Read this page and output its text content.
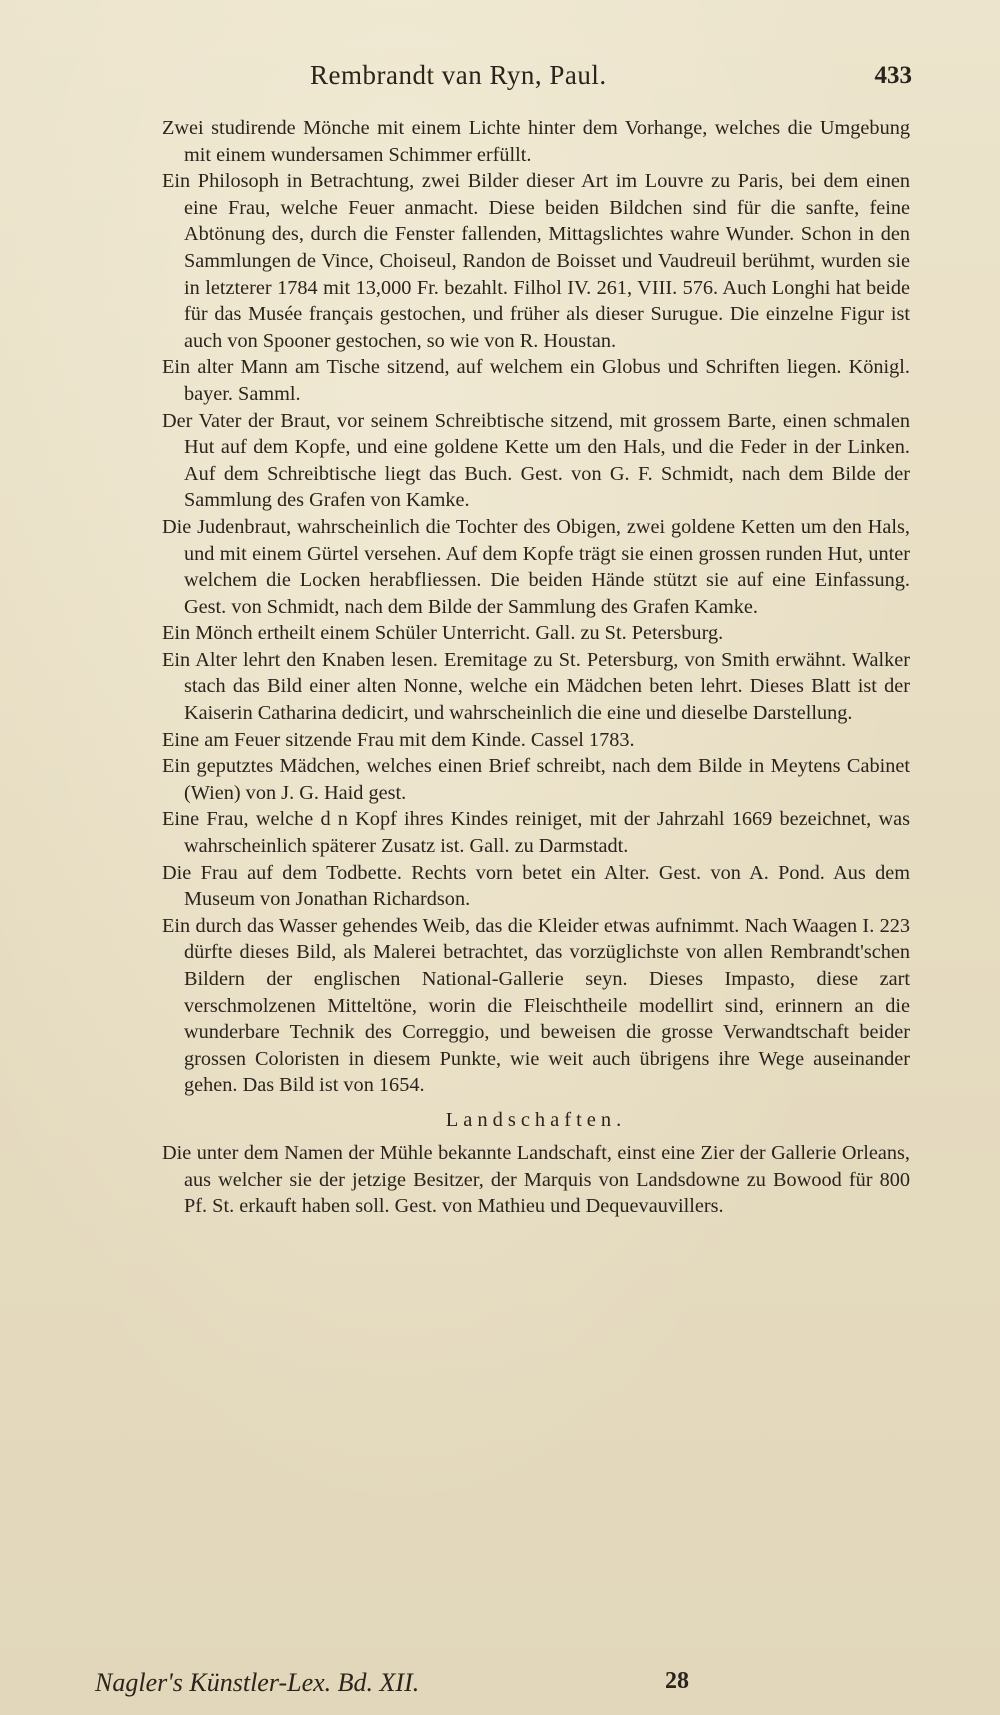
Rembrandt van Ryn, Paul.	433

Zwei studirende Mönche mit einem Lichte hinter dem Vorhange, welches die Umgebung mit einem wundersamen Schimmer erfüllt.

Ein Philosoph in Betrachtung, zwei Bilder dieser Art im Louvre zu Paris, bei dem einen eine Frau, welche Feuer anmacht. Diese beiden Bildchen sind für die sanfte, feine Abtönung des, durch die Fenster fallenden, Mittagslichtes wahre Wunder. Schon in den Sammlungen de Vince, Choiseul, Randon de Boisset und Vaudreuil berühmt, wurden sie in letzterer 1784 mit 13,000 Fr. bezahlt. Filhol IV. 261, VIII. 576. Auch Longhi hat beide für das Musée français gestochen, und früher als dieser Surugue. Die einzelne Figur ist auch von Spooner gestochen, so wie von R. Houstan.

Ein alter Mann am Tische sitzend, auf welchem ein Globus und Schriften liegen. Königl. bayer. Samml.

Der Vater der Braut, vor seinem Schreibtische sitzend, mit grossem Barte, einen schmalen Hut auf dem Kopfe, und eine goldene Kette um den Hals, und die Feder in der Linken. Auf dem Schreibtische liegt das Buch. Gest. von G. F. Schmidt, nach dem Bilde der Sammlung des Grafen von Kamke.

Die Judenbraut, wahrscheinlich die Tochter des Obigen, zwei goldene Ketten um den Hals, und mit einem Gürtel versehen. Auf dem Kopfe trägt sie einen grossen runden Hut, unter welchem die Locken herabfliessen. Die beiden Hände stützt sie auf eine Einfassung. Gest. von Schmidt, nach dem Bilde der Sammlung des Grafen Kamke.

Ein Mönch ertheilt einem Schüler Unterricht. Gall. zu St. Petersburg.

Ein Alter lehrt den Knaben lesen. Eremitage zu St. Petersburg, von Smith erwähnt. Walker stach das Bild einer alten Nonne, welche ein Mädchen beten lehrt. Dieses Blatt ist der Kaiserin Catharina dedicirt, und wahrscheinlich die eine und dieselbe Darstellung.

Eine am Feuer sitzende Frau mit dem Kinde. Cassel 1783.

Ein geputztes Mädchen, welches einen Brief schreibt, nach dem Bilde in Meytens Cabinet (Wien) von J. G. Haid gest.

Eine Frau, welche d n Kopf ihres Kindes reiniget, mit der Jahrzahl 1669 bezeichnet, was wahrscheinlich späterer Zusatz ist. Gall. zu Darmstadt.

Die Frau auf dem Todbette. Rechts vorn betet ein Alter. Gest. von A. Pond. Aus dem Museum von Jonathan Richardson.

Ein durch das Wasser gehendes Weib, das die Kleider etwas aufnimmt. Nach Waagen I. 223 dürfte dieses Bild, als Malerei betrachtet, das vorzüglichste von allen Rembrandt'schen Bildern der englischen National-Gallerie seyn. Dieses Impasto, diese zart verschmolzenen Mitteltöne, worin die Fleischtheile modellirt sind, erinnern an die wunderbare Technik des Correggio, und beweisen die grosse Verwandtschaft beider grossen Coloristen in diesem Punkte, wie weit auch übrigens ihre Wege auseinander gehen. Das Bild ist von 1654.

Landschaften.

Die unter dem Namen der Mühle bekannte Landschaft, einst eine Zier der Gallerie Orleans, aus welcher sie der jetzige Besitzer, der Marquis von Landsdowne zu Bowood für 800 Pf. St. erkauft haben soll. Gest. von Mathieu und Dequevauvillers.

Nagler's Künstler-Lex. Bd. XII.	28
